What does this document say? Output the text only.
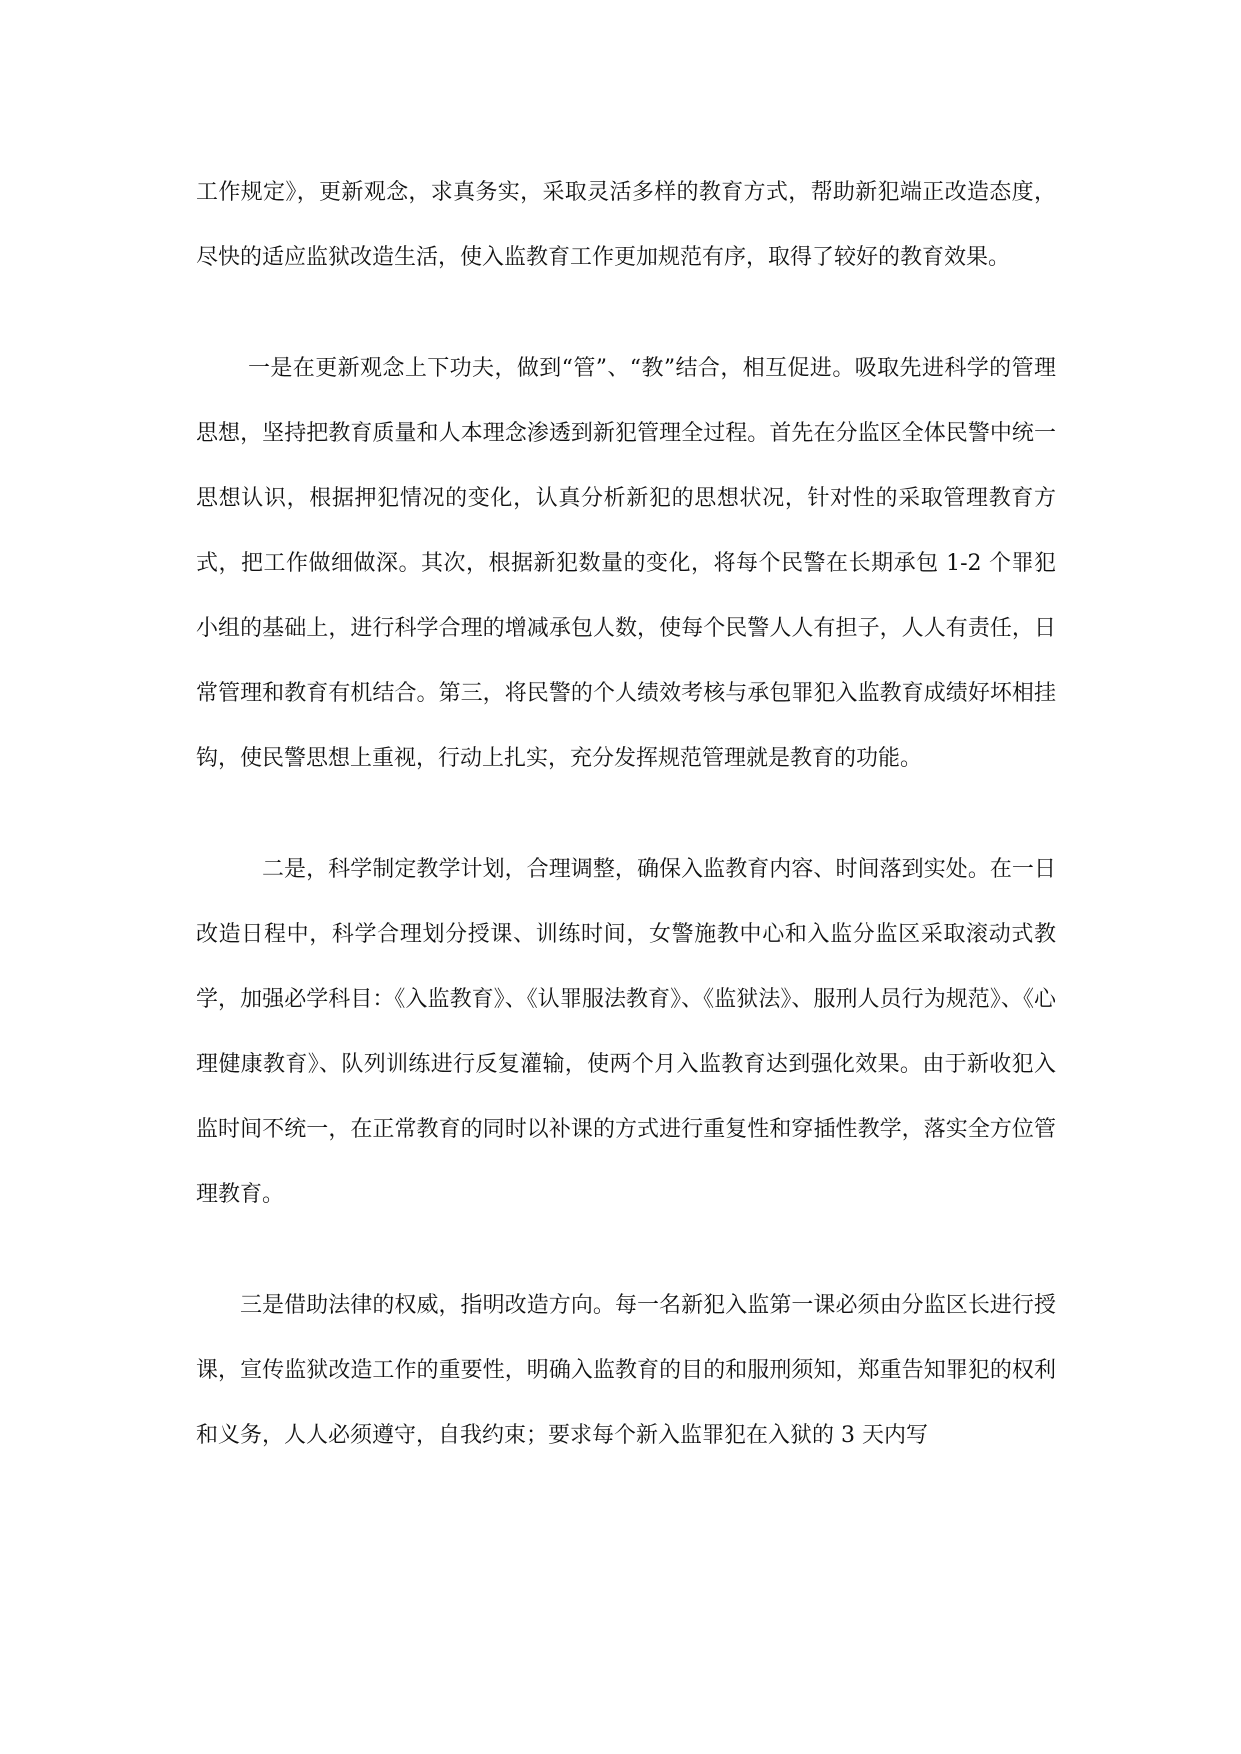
工作规定》，更新观念，求真务实，采取灵活多样的教育方式，帮助新犯端正改造态度，尽快的适应监狱改造生活，使入监教育工作更加规范有序，取得了较好的教育效果。

一是在更新观念上下功夫，做到“管”、“教”结合，相互促进。吸取先进科学的管理思想，坚持把教育质量和人本理念渗透到新犯管理全过程。首先在分监区全体民警中统一思想认识，根据押犯情况的变化，认真分析新犯的思想状况，针对性的采取管理教育方式，把工作做细做深。其次，根据新犯数量的变化，将每个民警在长期承包 1-2 个罪犯小组的基础上，进行科学合理的增减承包人数，使每个民警人人有担子，人人有责任，日常管理和教育有机结合。第三，将民警的个人绩效考核与承包罪犯入监教育成绩好坏相挂钩，使民警思想上重视，行动上扎实，充分发挥规范管理就是教育的功能。

二是，科学制定教学计划，合理调整，确保入监教育内容、时间落到实处。在一日改造日程中，科学合理划分授课、训练时间，女警施教中心和入监分监区采取滚动式教学，加强必学科目：《入监教育》、《认罪服法教育》、《监狱法》、服刑人员行为规范》、《心理健康教育》、队列训练进行反复灌输，使两个月入监教育达到强化效果。由于新收犯入监时间不统一，在正常教育的同时以补课的方式进行重复性和穿插性教学，落实全方位管理教育。

三是借助法律的权威，指明改造方向。每一名新犯入监第一课必须由分监区长进行授课，宣传监狱改造工作的重要性，明确入监教育的目的和服刑须知，郑重告知罪犯的权利和义务，人人必须遵守，自我约束；要求每个新入监罪犯在入狱的 3 天内写
